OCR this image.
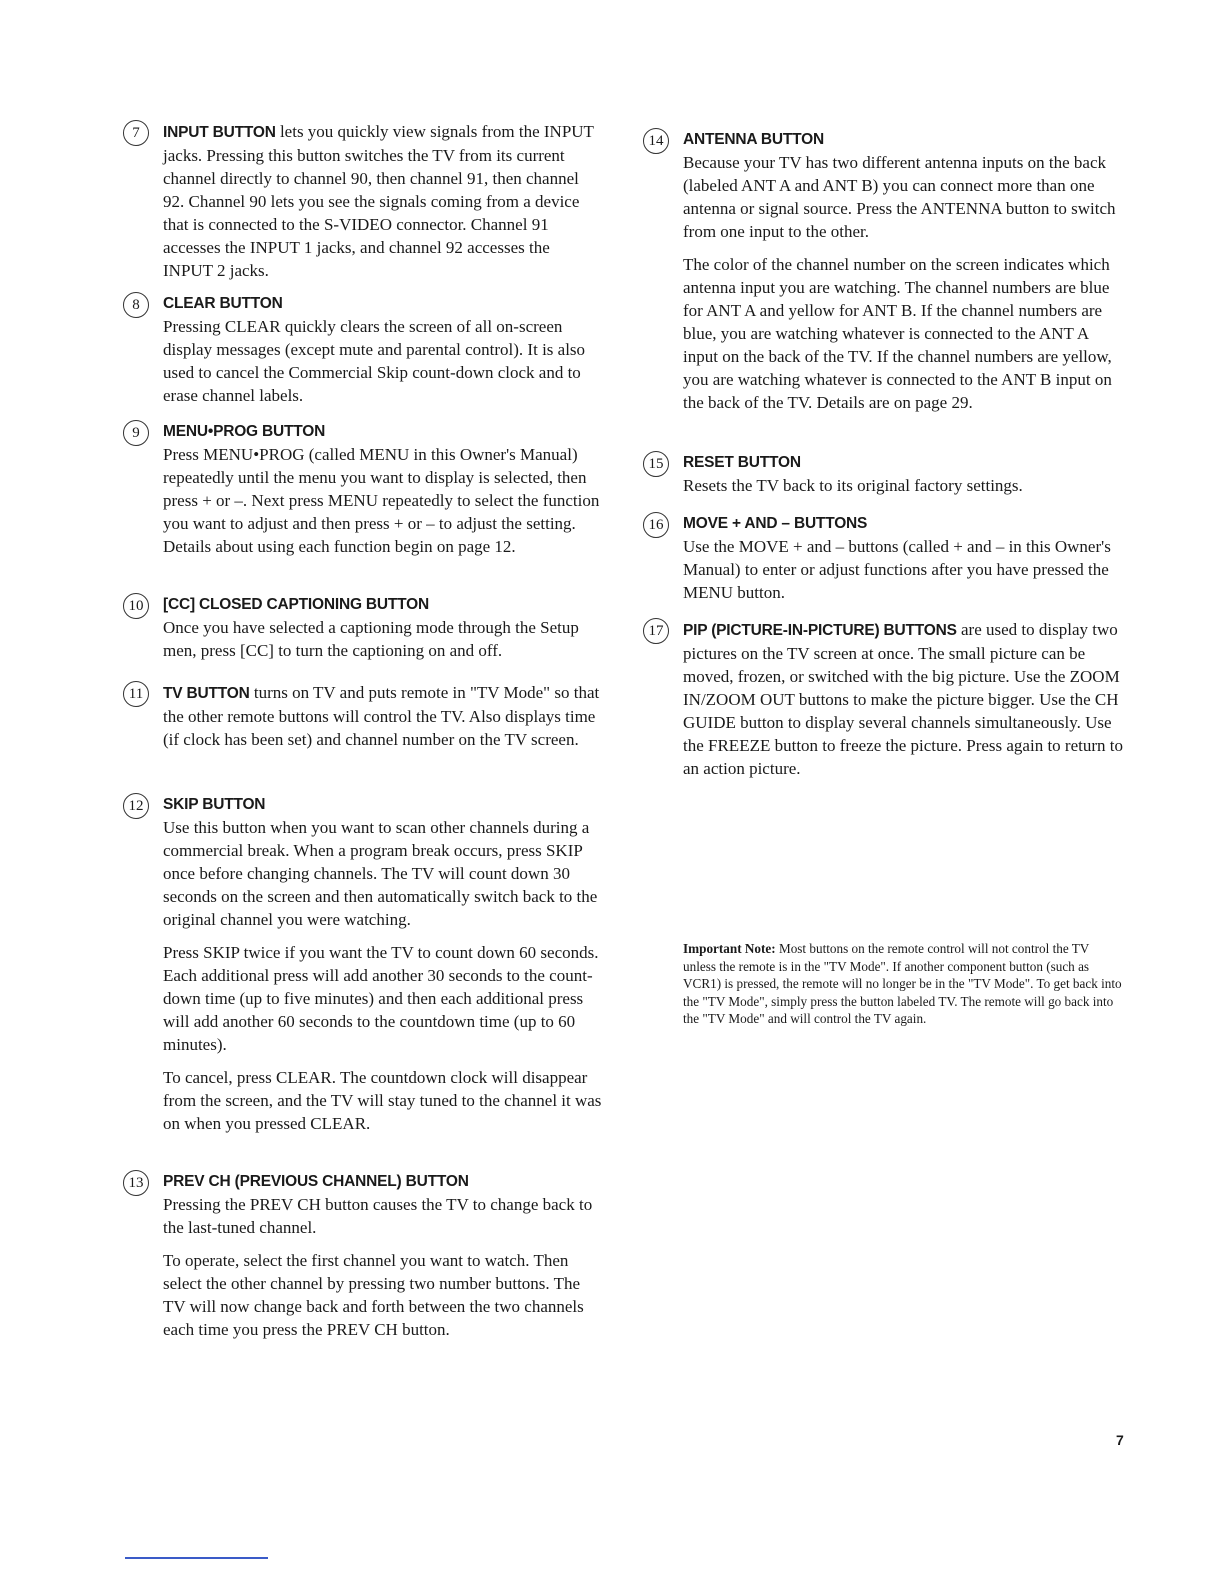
7	INPUT BUTTON lets you quickly view signals from the INPUT jacks. Pressing this button switches the TV from its current channel directly to channel 90, then channel 91, then channel 92. Channel 90 lets you see the signals coming from a device that is connected to the S-VIDEO connector. Channel 91 accesses the INPUT 1 jacks, and channel 92 accesses the INPUT 2 jacks.

8	CLEAR BUTTON
Pressing CLEAR quickly clears the screen of all on-screen display messages (except mute and parental control). It is also used to cancel the Commercial Skip count-down clock and to erase channel labels.

9	MENU•PROG BUTTON
Press MENU•PROG (called MENU in this Owner's Manual) repeatedly until the menu you want to display is selected, then press + or –. Next press MENU repeatedly to select the function you want to adjust and then press + or – to adjust the setting. Details about using each function begin on page 12.

10	[CC] CLOSED CAPTIONING BUTTON
Once you have selected a captioning mode through the Setup men, press [CC] to turn the captioning on and off.

11	TV BUTTON turns on TV and puts remote in "TV Mode" so that the other remote buttons will control the TV. Also displays time (if clock has been set) and channel number on the TV screen.

12	SKIP BUTTON
Use this button when you want to scan other channels during a commercial break. When a program break occurs, press SKIP once before changing channels. The TV will count down 30 seconds on the screen and then automatically switch back to the original channel you were watching.

Press SKIP twice if you want the TV to count down 60 seconds. Each additional press will add another 30 seconds to the count-down time (up to five minutes) and then each additional press will add another 60 seconds to the countdown time (up to 60 minutes).

To cancel, press CLEAR. The countdown clock will disappear from the screen, and the TV will stay tuned to the channel it was on when you pressed CLEAR.

13	PREV CH (PREVIOUS CHANNEL) BUTTON
Pressing the PREV CH button causes the TV to change back to the last-tuned channel.

To operate, select the first channel you want to watch. Then select the other channel by pressing two number buttons. The TV will now change back and forth between the two channels each time you press the PREV CH button.

14	ANTENNA BUTTON
Because your TV has two different antenna inputs on the back (labeled ANT A and ANT B) you can connect more than one antenna or signal source. Press the ANTENNA button to switch from one input to the other.

The color of the channel number on the screen indicates which antenna input you are watching. The channel numbers are blue for ANT A and yellow for ANT B. If the channel numbers are blue, you are watching whatever is connected to the ANT A input on the back of the TV. If the channel numbers are yellow, you are watching whatever is connected to the ANT B input on the back of the TV. Details are on page 29.

15	RESET BUTTON
Resets the TV back to its original factory settings.

16	MOVE + AND – BUTTONS
Use the MOVE + and – buttons (called + and – in this Owner's Manual) to enter or adjust functions after you have pressed the MENU button.

17	PIP (PICTURE-IN-PICTURE) BUTTONS are used to display two pictures on the TV screen at once. The small picture can be moved, frozen, or switched with the big picture. Use the ZOOM IN/ZOOM OUT buttons to make the picture bigger. Use the CH GUIDE button to display several channels simultaneously. Use the FREEZE button to freeze the picture. Press again to return to an action picture.

Important Note: Most buttons on the remote control will not control the TV unless the remote is in the "TV Mode". If another component button (such as VCR1) is pressed, the remote will no longer be in the "TV Mode". To get back into the "TV Mode", simply press the button labeled TV. The remote will go back into the "TV Mode" and will control the TV again.
7
